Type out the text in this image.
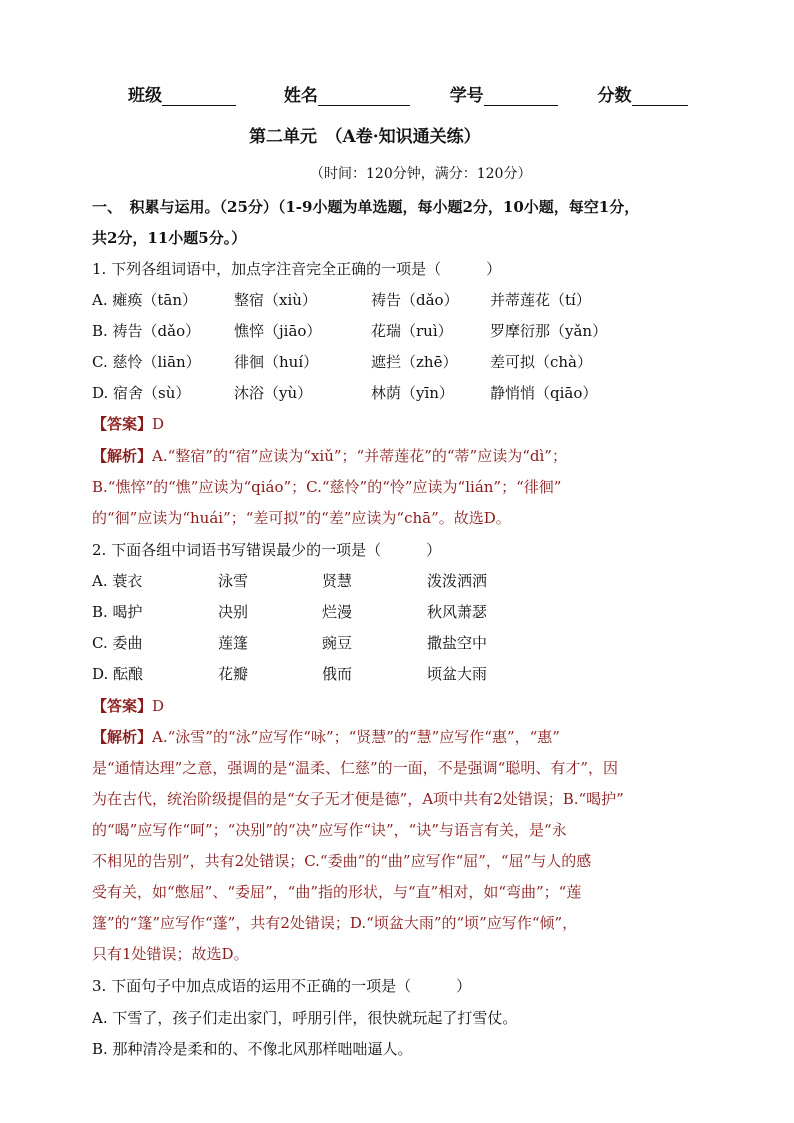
班级	姓名	学号	分数
第二单元　（A卷·知识通关练）
（时间：120分钟，满分：120分）
一、　积累与运用。（25分）（1-9小题为单选题，每小题2分，10小题，每空1分，
共2分，11小题5分。）
1. 下列各组词语中，加点字注音完全正确的一项是（　　　）
A. 瘫痪（tān） 整宿（xiù）	祷告（dǎo） 并蒂莲花（tí）
B. 祷告（dǎo） 憔悴（jiāo）	花瑞（ruì） 罗摩衍那（yǎn）
C. 慈怜（liān） 徘徊（huí）	遮拦（zhē） 差可拟（chà）
D. 宿舍（sù）	沐浴（yù）	林荫（yīn） 静悄悄（qiāo）
【答案】D
【解析】A.“整宿”的“宿”应读为“xiǔ”；“并蒂莲花”的“蒂”应读为“dì”；
B.“憔悴”的“憔”应读为“qiáo”；C.“慈怜”的“怜”应读为“lián”；“徘徊”
的“徊”应读为“huái”；“差可拟”的“差”应读为“chā”。故选D。
2. 下面各组中词语书写错误最少的一项是（　　　）
A. 蓑衣	泳雪	贤慧	泼泼洒洒
B. 喝护	决别	烂漫	秋风萧瑟
C. 委曲	莲篷	豌豆	撒盐空中
D. 酝酿	花瓣	俄而	顷盆大雨
【答案】D
【解析】A.“泳雪”的“泳”应写作“咏”；“贤慧”的“慧”应写作“惠”，“惠”
是“通情达理”之意，强调的是“温柔、仁慈”的一面，不是强调“聪明、有才”，因
为在古代，统治阶级提倡的是“女子无才便是德”，A项中共有2处错误；B.“喝护”
的“喝”应写作“呵”；“决别”的“决”应写作“诀”，“诀”与语言有关，是“永
不相见的告别”，共有2处错误；C.“委曲”的“曲”应写作“屈”，“屈”与人的感
受有关，如“憋屈”、“委屈”，“曲”指的形状，与“直”相对，如“弯曲”；“莲
篷”的“篷”应写作“蓬”，共有2处错误；D.“顷盆大雨”的“顷”应写作“倾”，
只有1处错误；故选D。
3. 下面句子中加点成语的运用不正确的一项是（　　　）
A. 下雪了，孩子们走出家门，呼朋引伴，很快就玩起了打雪仗。
B. 那种清冷是柔和的、不像北风那样咄咄逼人。
